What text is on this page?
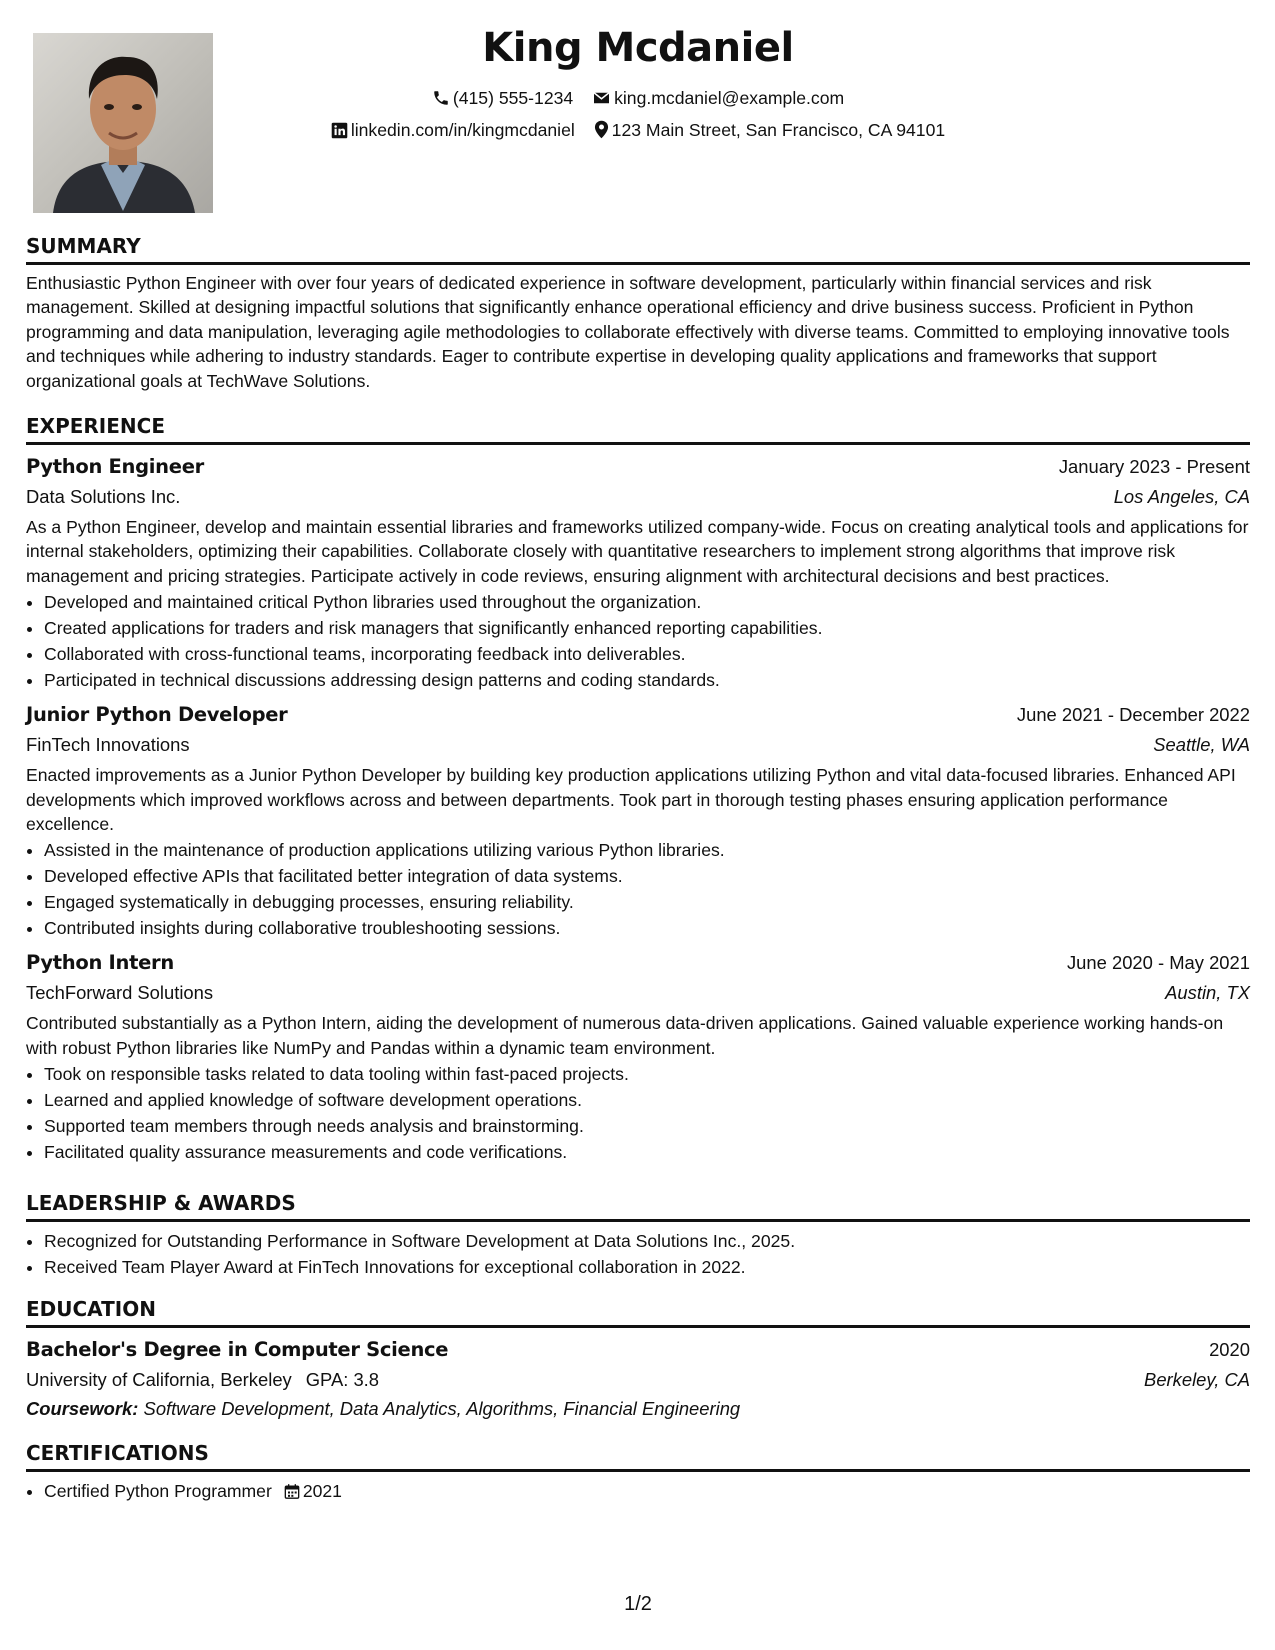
King Mcdaniel
(415) 555-1234 king.mcdaniel@example.com
linkedin.com/in/kingmcdaniel 123 Main Street, San Francisco, CA 94101
SUMMARY

Enthusiastic Python Engineer with over four years of dedicated experience in software development, particularly within financial services and risk management. Skilled at designing impactful solutions that significantly enhance operational efficiency and drive business success. Proficient in Python programming and data manipulation, leveraging agile methodologies to collaborate effectively with diverse teams. Committed to employing innovative tools and techniques while adhering to industry standards. Eager to contribute expertise in developing quality applications and frameworks that support organizational goals at TechWave Solutions.

EXPERIENCE
Python Engineer	January 2023 - Present
Data Solutions Inc.	Los Angeles, CA

As a Python Engineer, develop and maintain essential libraries and frameworks utilized company-wide. Focus on creating analytical tools and applications for internal stakeholders, optimizing their capabilities. Collaborate closely with quantitative researchers to implement strong algorithms that improve risk management and pricing strategies. Participate actively in code reviews, ensuring alignment with architectural decisions and best practices.

• Developed and maintained critical Python libraries used throughout the organization.
• Created applications for traders and risk managers that significantly enhanced reporting capabilities.
• Collaborated with cross-functional teams, incorporating feedback into deliverables.
• Participated in technical discussions addressing design patterns and coding standards.
Junior Python Developer	June 2021 - December 2022
FinTech Innovations	Seattle, WA

Enacted improvements as a Junior Python Developer by building key production applications utilizing Python and vital data-focused libraries. Enhanced API developments which improved workflows across and between departments. Took part in thorough testing phases ensuring application performance excellence.

• Assisted in the maintenance of production applications utilizing various Python libraries.
• Developed effective APIs that facilitated better integration of data systems.
• Engaged systematically in debugging processes, ensuring reliability.
• Contributed insights during collaborative troubleshooting sessions.
Python Intern	June 2020 - May 2021
TechForward Solutions	Austin, TX

Contributed substantially as a Python Intern, aiding the development of numerous data-driven applications. Gained valuable experience working hands-on with robust Python libraries like NumPy and Pandas within a dynamic team environment.

• Took on responsible tasks related to data tooling within fast-paced projects.
• Learned and applied knowledge of software development operations.
• Supported team members through needs analysis and brainstorming.
• Facilitated quality assurance measurements and code verifications.
LEADERSHIP & AWARDS
• Recognized for Outstanding Performance in Software Development at Data Solutions Inc., 2025.
• Received Team Player Award at FinTech Innovations for exceptional collaboration in 2022.
EDUCATION
Bachelor's Degree in Computer Science	2020
University of California, Berkeley GPA: 3.8	Berkeley, CA
Coursework: Software Development, Data Analytics, Algorithms, Financial Engineering
CERTIFICATIONS
• Certified Python Programmer 2021
1/2
